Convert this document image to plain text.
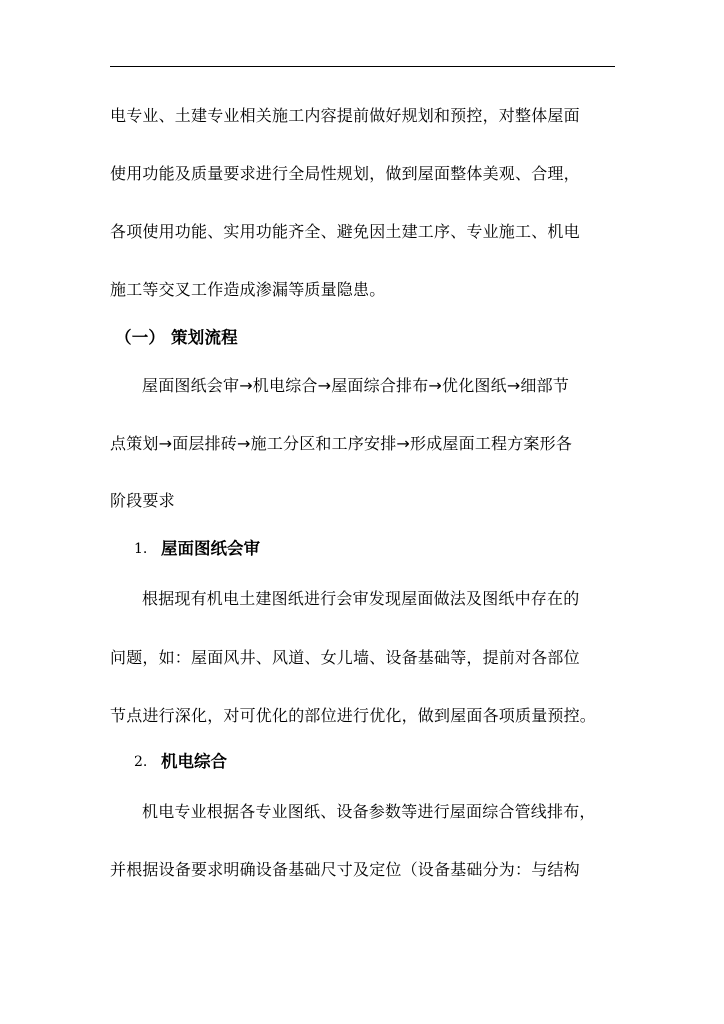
电专业、土建专业相关施工内容提前做好规划和预控，对整体屋面
使用功能及质量要求进行全局性规划，做到屋面整体美观、合理，
各项使用功能、实用功能齐全、避免因土建工序、专业施工、机电
施工等交叉工作造成渗漏等质量隐患。
（一） 策划流程
屋面图纸会审→机电综合→屋面综合排布→优化图纸→细部节
点策划→面层排砖→施工分区和工序安排→形成屋面工程方案形各
阶段要求
1. 屋面图纸会审
根据现有机电土建图纸进行会审发现屋面做法及图纸中存在的
问题，如：屋面风井、风道、女儿墙、设备基础等，提前对各部位
节点进行深化，对可优化的部位进行优化，做到屋面各项质量预控。
2. 机电综合
机电专业根据各专业图纸、设备参数等进行屋面综合管线排布，
并根据设备要求明确设备基础尺寸及定位（设备基础分为：与结构
